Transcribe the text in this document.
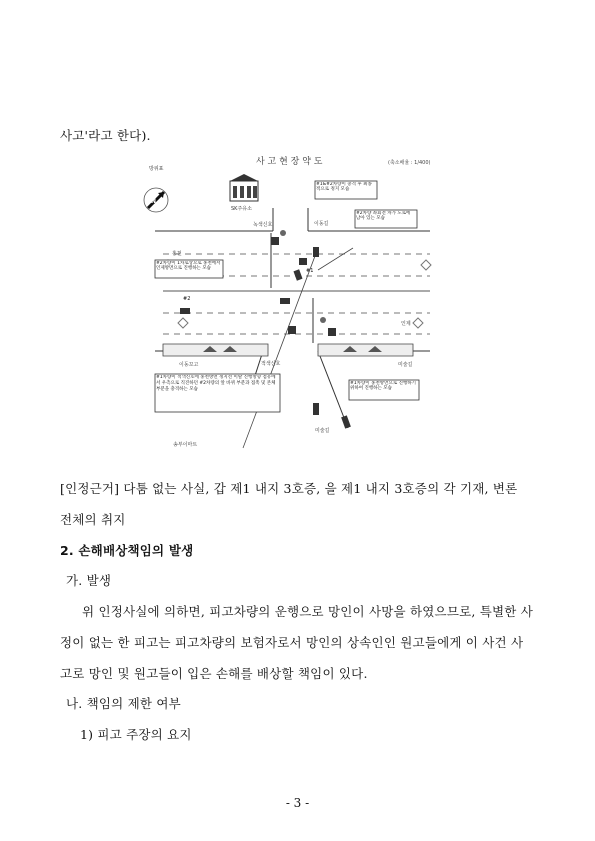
사고'라고 한다).
사 고 현 장 약 도	(축소배율 : 1/400)
방위표
N
SK주유소
녹색신호
적색신호
이동길
홍천
인제
이동꼬고	미술길
미술길
송부이마트
#1
#2
#1&#2차량이 충격 후 최종적으로 정지 모습
#2차량 좌회전 차가 도로에 남아 있는 모습
#2차량이 1차로상으로 홍천에서 인제방면으로 진행하는 모습
#1차량이 적색신호에 홍천방면 정지선 이탈 진행방향 점유에서 우측으로 직진하던 #2차량의 앞 바퀴 부분과 접촉 및 본체 부분을 충격하는 모습
#1차량이 홍천방면으로 진행하기 위하여 진행하는 모습
[인정근거] 다툼 없는 사실, 갑 제1 내지 3호증, 을 제1 내지 3호증의 각 기재, 변론
전체의 취지
2. 손해배상책임의 발생
가. 발생
위 인정사실에 의하면, 피고차량의 운행으로 망인이 사망을 하였으므로, 특별한 사
정이 없는 한 피고는 피고차량의 보험자로서 망인의 상속인인 원고들에게 이 사건 사
고로 망인 및 원고들이 입은 손해를 배상할 책임이 있다.
나. 책임의 제한 여부
1) 피고 주장의 요지
- 3 -
